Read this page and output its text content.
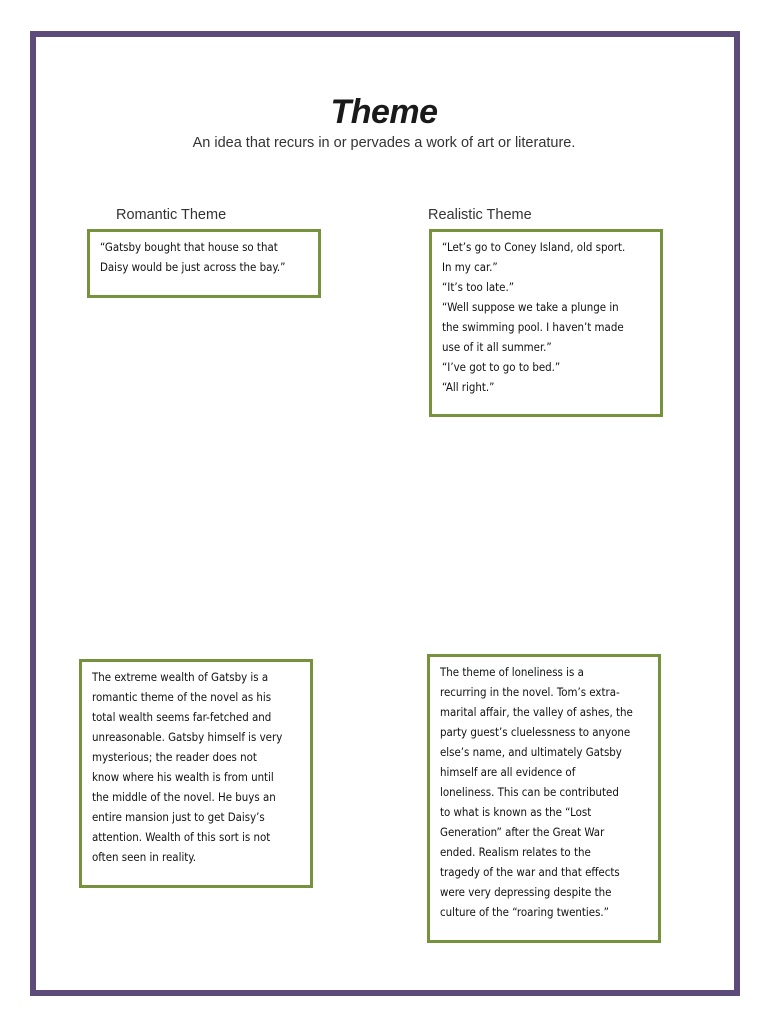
Theme

An idea that recurs in or pervades a work of art or literature.

Romantic Theme	Realistic Theme

“Gatsby bought that house so that
Daisy would be just across the bay.”
“Let’s go to Coney Island, old sport.
In my car.”
“It’s too late.”
“Well suppose we take a plunge in
the swimming pool. I haven’t made
use of it all summer.”
“I’ve got to go to bed.”
“All right.”
The extreme wealth of Gatsby is a
romantic theme of the novel as his
total wealth seems far-fetched and
unreasonable. Gatsby himself is very
mysterious; the reader does not
know where his wealth is from until
the middle of the novel. He buys an
entire mansion just to get Daisy’s
attention. Wealth of this sort is not
often seen in reality.
The theme of loneliness is a
recurring in the novel. Tom’s extra-
marital affair, the valley of ashes, the
party guest’s cluelessness to anyone
else’s name, and ultimately Gatsby
himself are all evidence of
loneliness. This can be contributed
to what is known as the “Lost
Generation” after the Great War
ended. Realism relates to the
tragedy of the war and that effects
were very depressing despite the
culture of the “roaring twenties.”
